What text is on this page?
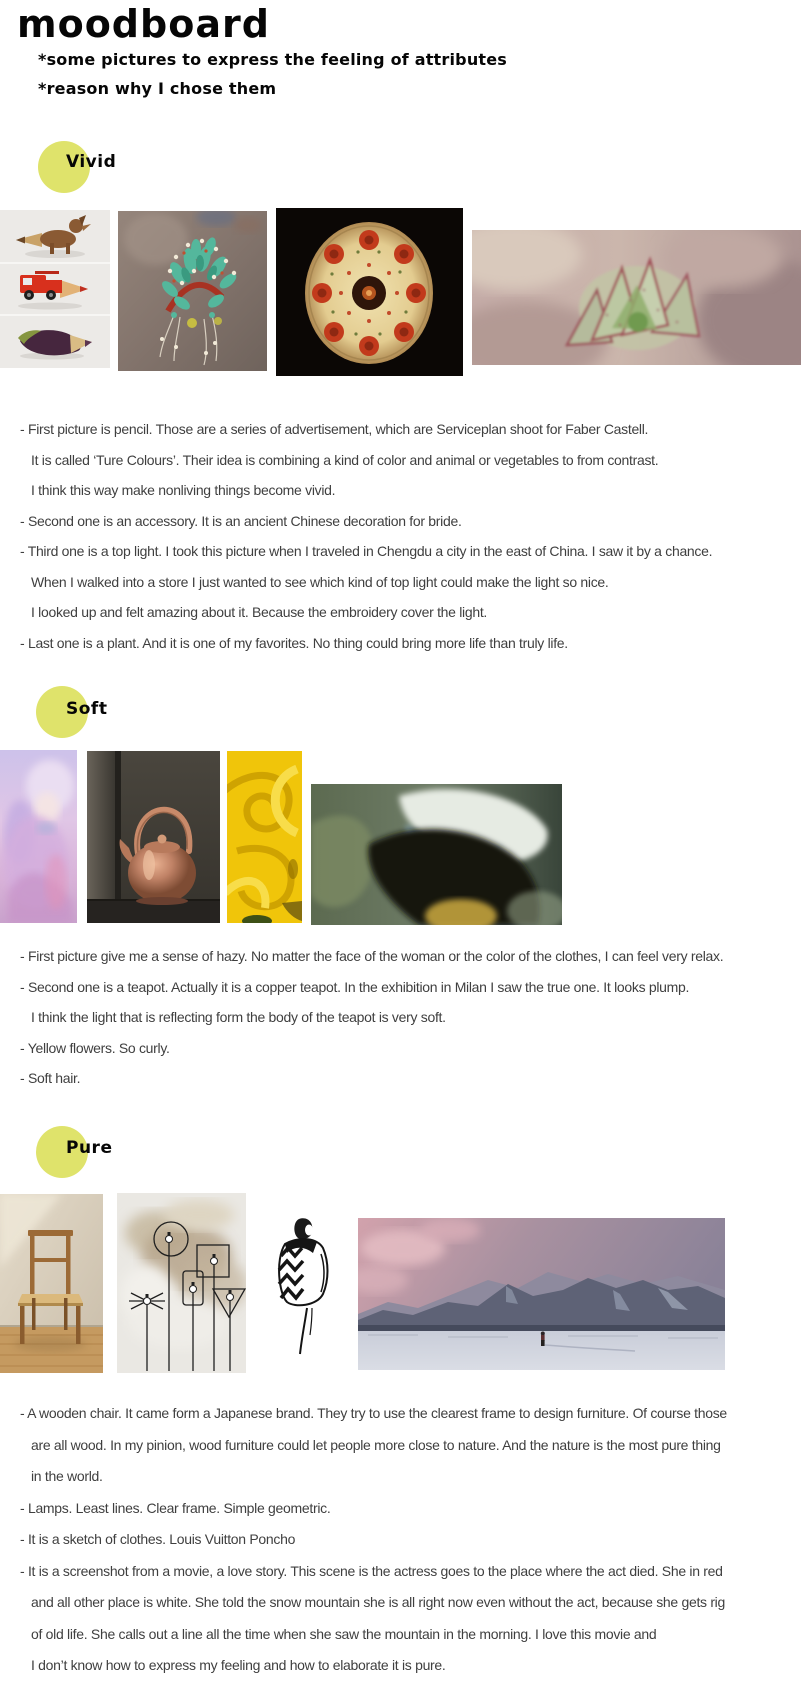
moodboard
*some pictures to express the feeling of attributes
*reason why I chose them
Vivid
- First picture is pencil. Those are a series of advertisement, which are Serviceplan shoot for Faber Castell.
It is called ‘Ture Colours’. Their idea is combining a kind of color and animal or vegetables to from contrast.
I think this way make nonliving things become vivid.
- Second one is an accessory. It is an ancient Chinese decoration for bride.
- Third one is a top light. I took this picture when I traveled in Chengdu a city in the east of China. I saw it by a chance.
When I walked into a store I just wanted to see which kind of top light could make the light so nice.
I looked up and felt amazing about it. Because the embroidery cover the light.
- Last one is a plant. And it is one of my favorites. No thing could bring more life than truly life.
Soft
- First picture give me a sense of hazy. No matter the face of the woman or the color of the clothes, I can feel very relax.
- Second one is a teapot. Actually it is a copper teapot. In the exhibition in Milan I saw the true one. It looks plump.
I think the light that is reflecting form the body of the teapot is very soft.
- Yellow flowers. So curly.
- Soft hair.
Pure
- A wooden chair. It came form a Japanese brand. They try to use the clearest frame to design furniture. Of course those
are all wood. In my pinion, wood furniture could let people more close to nature. And the nature is the most pure thing
in the world.
- Lamps. Least lines. Clear frame. Simple geometric.
- It is a sketch of clothes. Louis Vuitton Poncho
- It is a screenshot from a movie, a love story. This scene is the actress goes to the place where the act died. She in red
and all other place is white. She told the snow mountain she is all right now even without the act, because she gets rig
of old life. She calls out a line all the time when she saw the mountain in the morning. I love this movie and
I don’t know how to express my feeling and how to elaborate it is pure.
